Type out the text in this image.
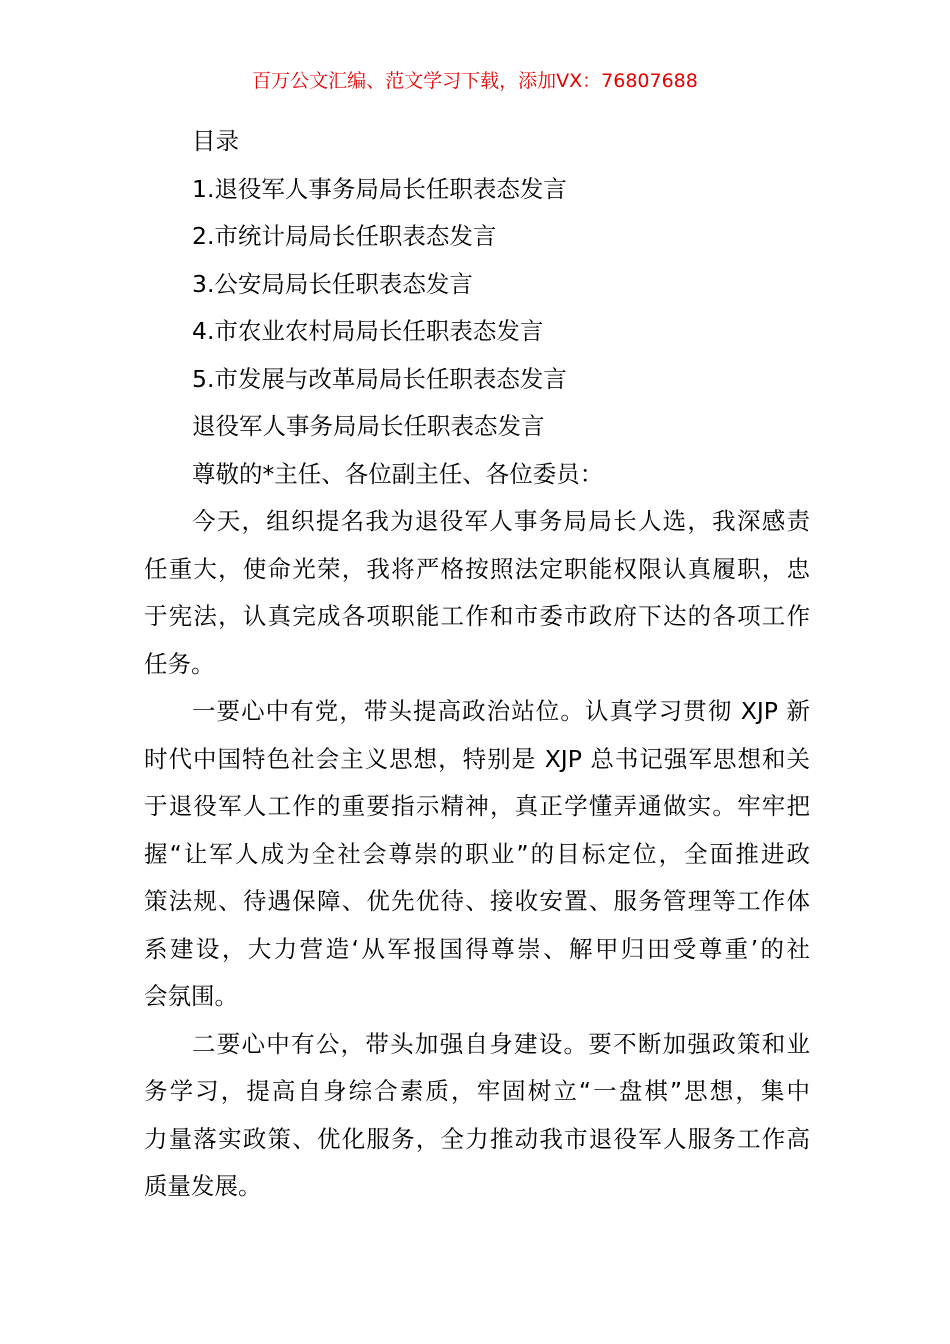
百万公文汇编、范文学习下载，添加VX：76807688
目录
1.退役军人事务局局长任职表态发言
2.市统计局局长任职表态发言
3.公安局局长任职表态发言
4.市农业农村局局长任职表态发言
5.市发展与改革局局长任职表态发言
退役军人事务局局长任职表态发言
尊敬的*主任、各位副主任、各位委员：
今天，组织提名我为退役军人事务局局长人选，我深感责
任重大，使命光荣，我将严格按照法定职能权限认真履职，忠
于宪法，认真完成各项职能工作和市委市政府下达的各项工作
任务。
一要心中有党，带头提高政治站位。认真学习贯彻 XJP 新
时代中国特色社会主义思想，特别是 XJP 总书记强军思想和关
于退役军人工作的重要指示精神，真正学懂弄通做实。牢牢把
握“让军人成为全社会尊崇的职业”的目标定位，全面推进政
策法规、待遇保障、优先优待、接收安置、服务管理等工作体
系建设，大力营造‘从军报国得尊崇、解甲归田受尊重’的社
会氛围。
二要心中有公，带头加强自身建设。要不断加强政策和业
务学习，提高自身综合素质，牢固树立“一盘棋”思想，集中
力量落实政策、优化服务，全力推动我市退役军人服务工作高
质量发展。
